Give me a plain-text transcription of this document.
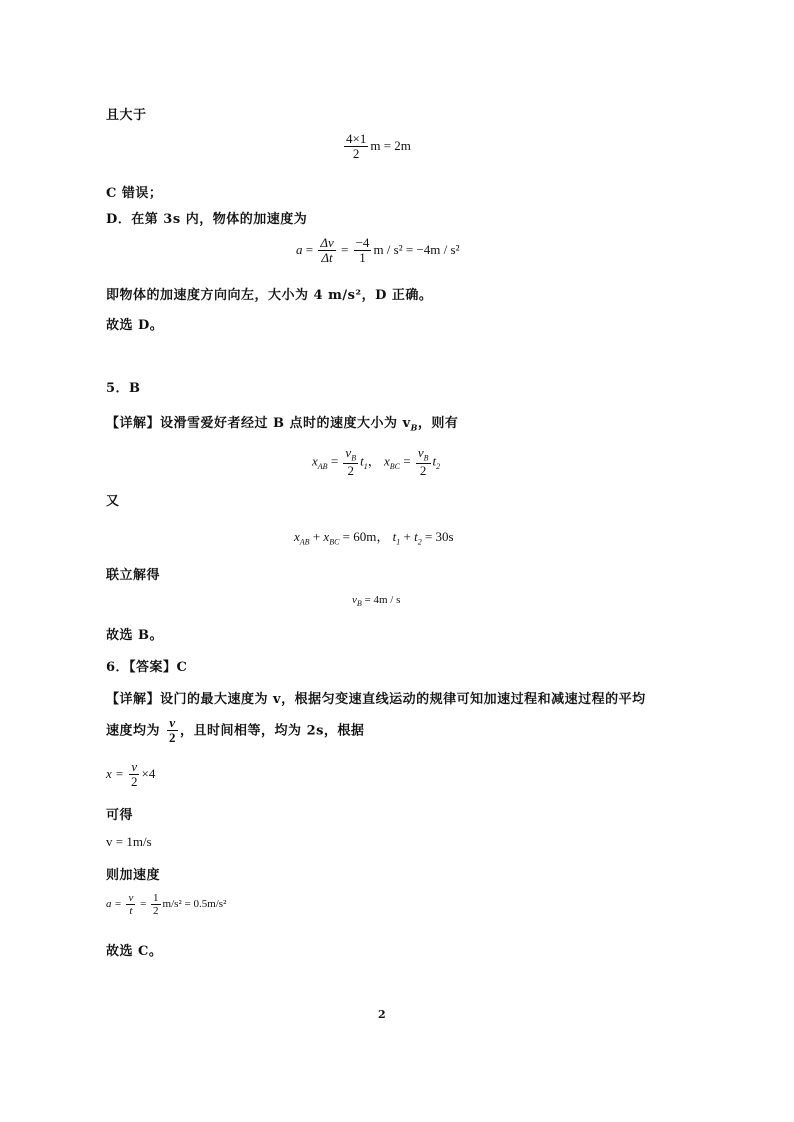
且大于
$\frac{4\times 1}{2}$ m = 2m
C 错误；
D．在第 3s 内，物体的加速度为
$a = \frac{\Delta v}{\Delta t} = \frac{-4}{1}$ m / s² = −4m / s²
即物体的加速度方向向左，大小为 4 m/s²，D 正确。
故选 D。
5．B
【详解】设滑雪爱好者经过 B 点时的速度大小为 $v_B$，则有
$x_{AB} = \frac{v_B}{2} t_1$， $x_{BC} = \frac{v_B}{2} t_2$
又
$x_{AB} + x_{BC} = 60m$， $t_1 + t_2 = 30s$
联立解得
$v_B = 4m / s$
故选 B。
6．【答案】C
【详解】设门的最大速度为 v，根据匀变速直线运动的规律可知加速过程和减速过程的平均
速度均为 $\frac{v}{2}$ ，且时间相等，均为 2s，根据
$x = \frac{v}{2} \times 4$
可得
v = 1m/s
则加速度
$a = \frac{v}{t} = \frac{1}{2} m/s^2 = 0.5m/s^2$
故选 C。
2
